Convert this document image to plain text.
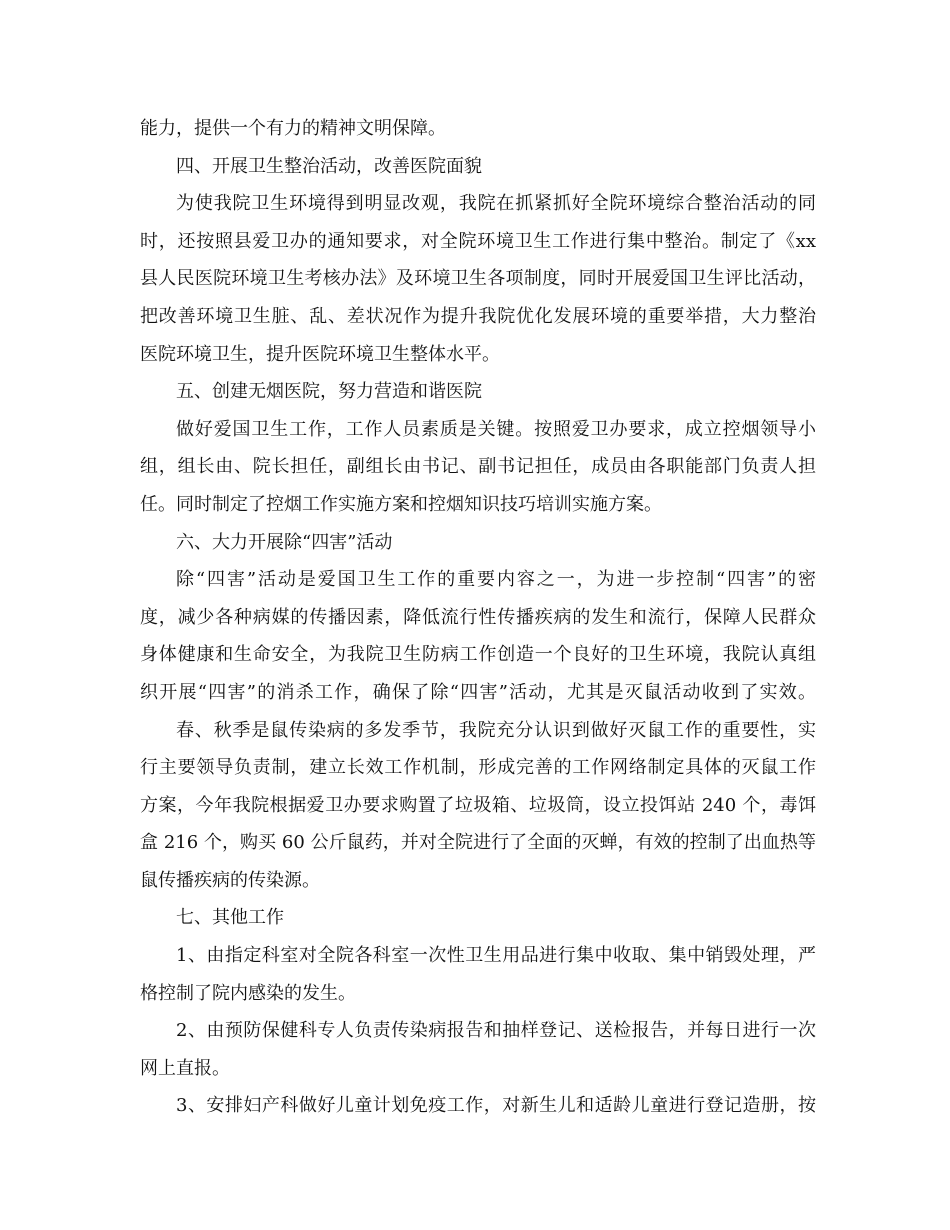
能力，提供一个有力的精神文明保障。
四、开展卫生整治活动，改善医院面貌
为使我院卫生环境得到明显改观，我院在抓紧抓好全院环境综合整治活动的同
时，还按照县爱卫办的通知要求，对全院环境卫生工作进行集中整治。制定了《xx
县人民医院环境卫生考核办法》及环境卫生各项制度，同时开展爱国卫生评比活动，
把改善环境卫生脏、乱、差状况作为提升我院优化发展环境的重要举措，大力整治
医院环境卫生，提升医院环境卫生整体水平。
五、创建无烟医院，努力营造和谐医院
做好爱国卫生工作，工作人员素质是关键。按照爱卫办要求，成立控烟领导小
组，组长由、院长担任，副组长由书记、副书记担任，成员由各职能部门负责人担
任。同时制定了控烟工作实施方案和控烟知识技巧培训实施方案。
六、大力开展除“四害”活动
除“四害”活动是爱国卫生工作的重要内容之一，为进一步控制“四害”的密
度，减少各种病媒的传播因素，降低流行性传播疾病的发生和流行，保障人民群众
身体健康和生命安全，为我院卫生防病工作创造一个良好的卫生环境，我院认真组
织开展“四害”的消杀工作，确保了除“四害”活动，尤其是灭鼠活动收到了实效。
春、秋季是鼠传染病的多发季节，我院充分认识到做好灭鼠工作的重要性，实
行主要领导负责制，建立长效工作机制，形成完善的工作网络制定具体的灭鼠工作
方案，今年我院根据爱卫办要求购置了垃圾箱、垃圾筒，设立投饵站 240 个，毒饵
盒 216 个，购买 60 公斤鼠药，并对全院进行了全面的灭蝉，有效的控制了出血热等
鼠传播疾病的传染源。
七、其他工作
1、由指定科室对全院各科室一次性卫生用品进行集中收取、集中销毁处理，严
格控制了院内感染的发生。
2、由预防保健科专人负责传染病报告和抽样登记、送检报告，并每日进行一次
网上直报。
3、安排妇产科做好儿童计划免疫工作，对新生儿和适龄儿童进行登记造册，按
